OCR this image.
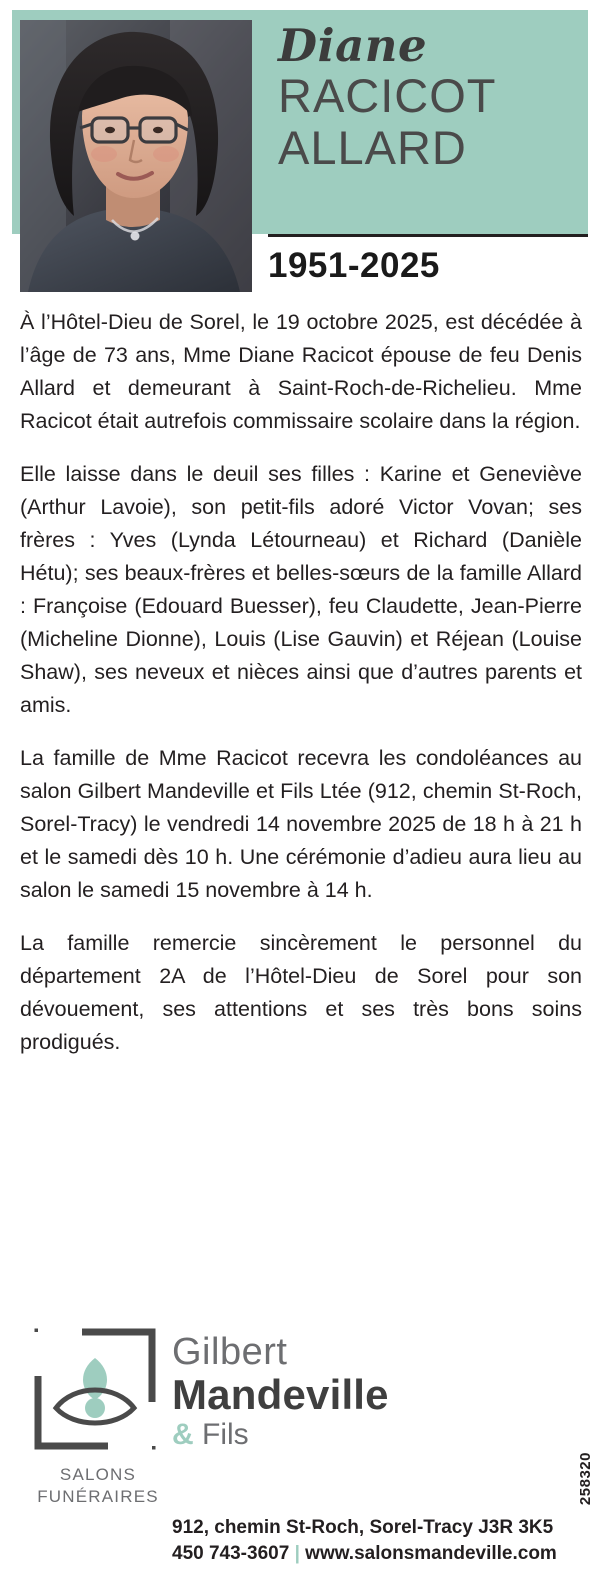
Diane
RACICOT
ALLARD
1951-2025

À l’Hôtel-Dieu de Sorel, le 19 octobre 2025, est décédée à l’âge de 73 ans, Mme Diane Racicot épouse de feu Denis Allard et demeurant à Saint-Roch-de-Richelieu. Mme Racicot était autrefois commissaire scolaire dans la région.

Elle laisse dans le deuil ses filles : Karine et Geneviève (Arthur Lavoie), son petit-fils adoré Victor Vovan; ses frères : Yves (Lynda Létourneau) et Richard (Danièle Hétu); ses beaux-frères et belles-sœurs de la famille Allard : Françoise (Edouard Buesser), feu Claudette, Jean-Pierre (Micheline Dionne), Louis (Lise Gauvin) et Réjean (Louise Shaw), ses neveux et nièces ainsi que d’autres parents et amis.

La famille de Mme Racicot recevra les condoléances au salon Gilbert Mandeville et Fils Ltée (912, chemin St-Roch, Sorel-Tracy) le vendredi 14 novembre 2025 de 18 h à 21 h et le samedi dès 10 h. Une cérémonie d’adieu aura lieu au salon le samedi 15 novembre à 14 h.

La famille remercie sincèrement le personnel du département 2A de l’Hôtel-Dieu de Sorel pour son dévouement, ses attentions et ses très bons soins prodigués.

SALONS
FUNÉRAIRES
Gilbert
Mandeville
& Fils
912, chemin St-Roch, Sorel-Tracy J3R 3K5
450 743-3607 | www.salonsmandeville.com
258320
